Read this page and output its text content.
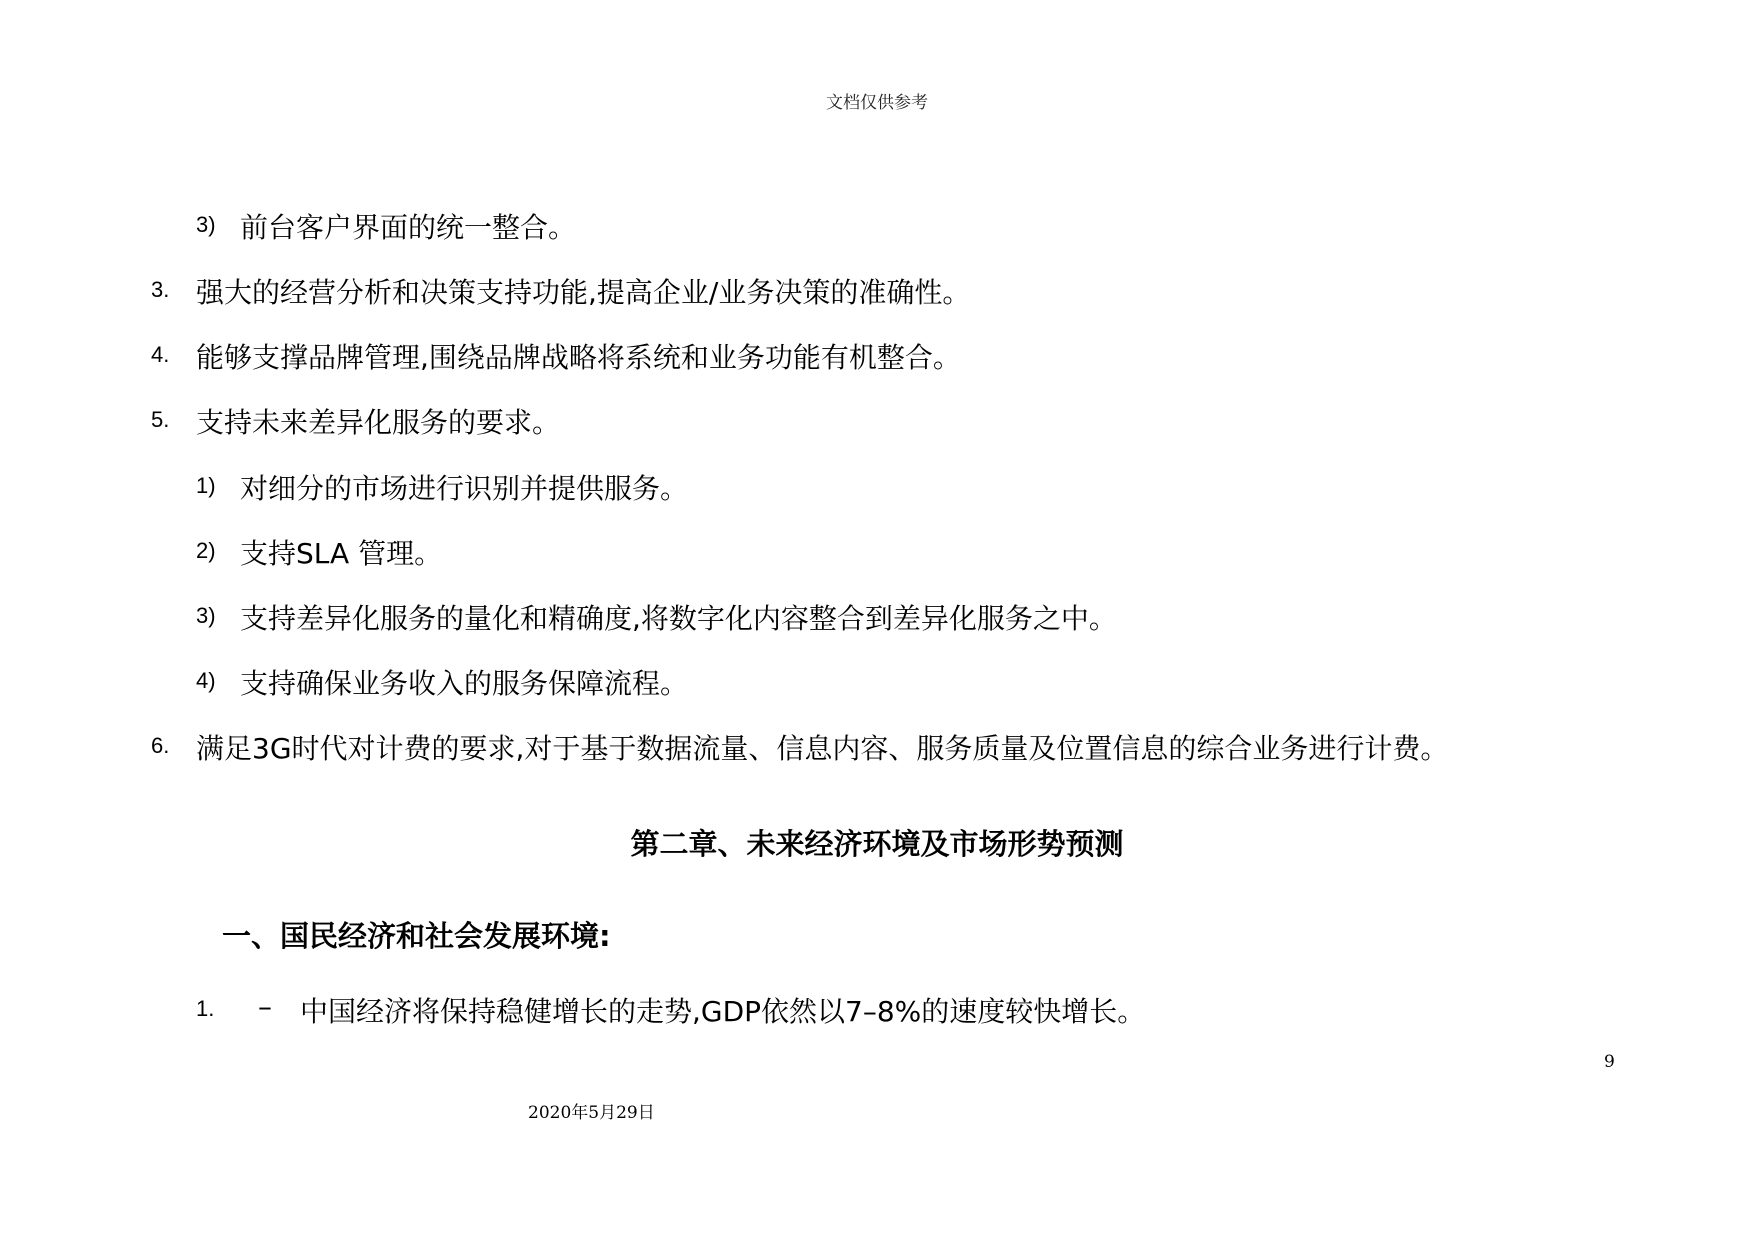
文档仅供参考
3) 前台客户界面的统一整合。
3. 强大的经营分析和决策支持功能,提高企业/业务决策的准确性。
4. 能够支撑品牌管理,围绕品牌战略将系统和业务功能有机整合。
5. 支持未来差异化服务的要求。
1) 对细分的市场进行识别并提供服务。
2) 支持SLA 管理。
3) 支持差异化服务的量化和精确度,将数字化内容整合到差异化服务之中。
4) 支持确保业务收入的服务保障流程。
6. 满足3G时代对计费的要求,对于基于数据流量、信息内容、服务质量及位置信息的综合业务进行计费。
第二章、未来经济环境及市场形势预测
一、国民经济和社会发展环境:
1. – 中国经济将保持稳健增长的走势,GDP依然以7–8%的速度较快增长。
9
2020年5月29日
